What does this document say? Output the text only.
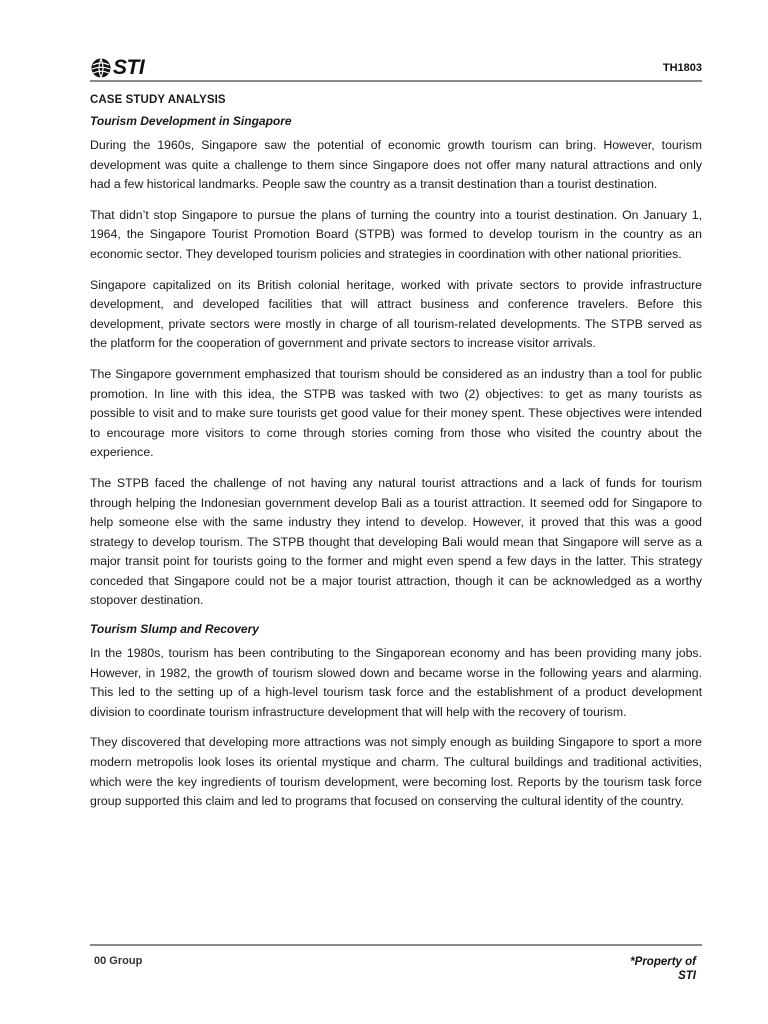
STI	TH1803
CASE STUDY ANALYSIS
Tourism Development in Singapore

During the 1960s, Singapore saw the potential of economic growth tourism can bring. However, tourism development was quite a challenge to them since Singapore does not offer many natural attractions and only had a few historical landmarks. People saw the country as a transit destination than a tourist destination.

That didn’t stop Singapore to pursue the plans of turning the country into a tourist destination. On January 1, 1964, the Singapore Tourist Promotion Board (STPB) was formed to develop tourism in the country as an economic sector. They developed tourism policies and strategies in coordination with other national priorities.

Singapore capitalized on its British colonial heritage, worked with private sectors to provide infrastructure development, and developed facilities that will attract business and conference travelers. Before this development, private sectors were mostly in charge of all tourism-related developments. The STPB served as the platform for the cooperation of government and private sectors to increase visitor arrivals.

The Singapore government emphasized that tourism should be considered as an industry than a tool for public promotion. In line with this idea, the STPB was tasked with two (2) objectives: to get as many tourists as possible to visit and to make sure tourists get good value for their money spent. These objectives were intended to encourage more visitors to come through stories coming from those who visited the country about the experience.

The STPB faced the challenge of not having any natural tourist attractions and a lack of funds for tourism through helping the Indonesian government develop Bali as a tourist attraction. It seemed odd for Singapore to help someone else with the same industry they intend to develop. However, it proved that this was a good strategy to develop tourism. The STPB thought that developing Bali would mean that Singapore will serve as a major transit point for tourists going to the former and might even spend a few days in the latter. This strategy conceded that Singapore could not be a major tourist attraction, though it can be acknowledged as a worthy stopover destination.

Tourism Slump and Recovery

In the 1980s, tourism has been contributing to the Singaporean economy and has been providing many jobs. However, in 1982, the growth of tourism slowed down and became worse in the following years and alarming. This led to the setting up of a high-level tourism task force and the establishment of a product development division to coordinate tourism infrastructure development that will help with the recovery of tourism.

They discovered that developing more attractions was not simply enough as building Singapore to sport a more modern metropolis look loses its oriental mystique and charm. The cultural buildings and traditional activities, which were the key ingredients of tourism development, were becoming lost. Reports by the tourism task force group supported this claim and led to programs that focused on conserving the cultural identity of the country.

00 Group	*Property of STI
